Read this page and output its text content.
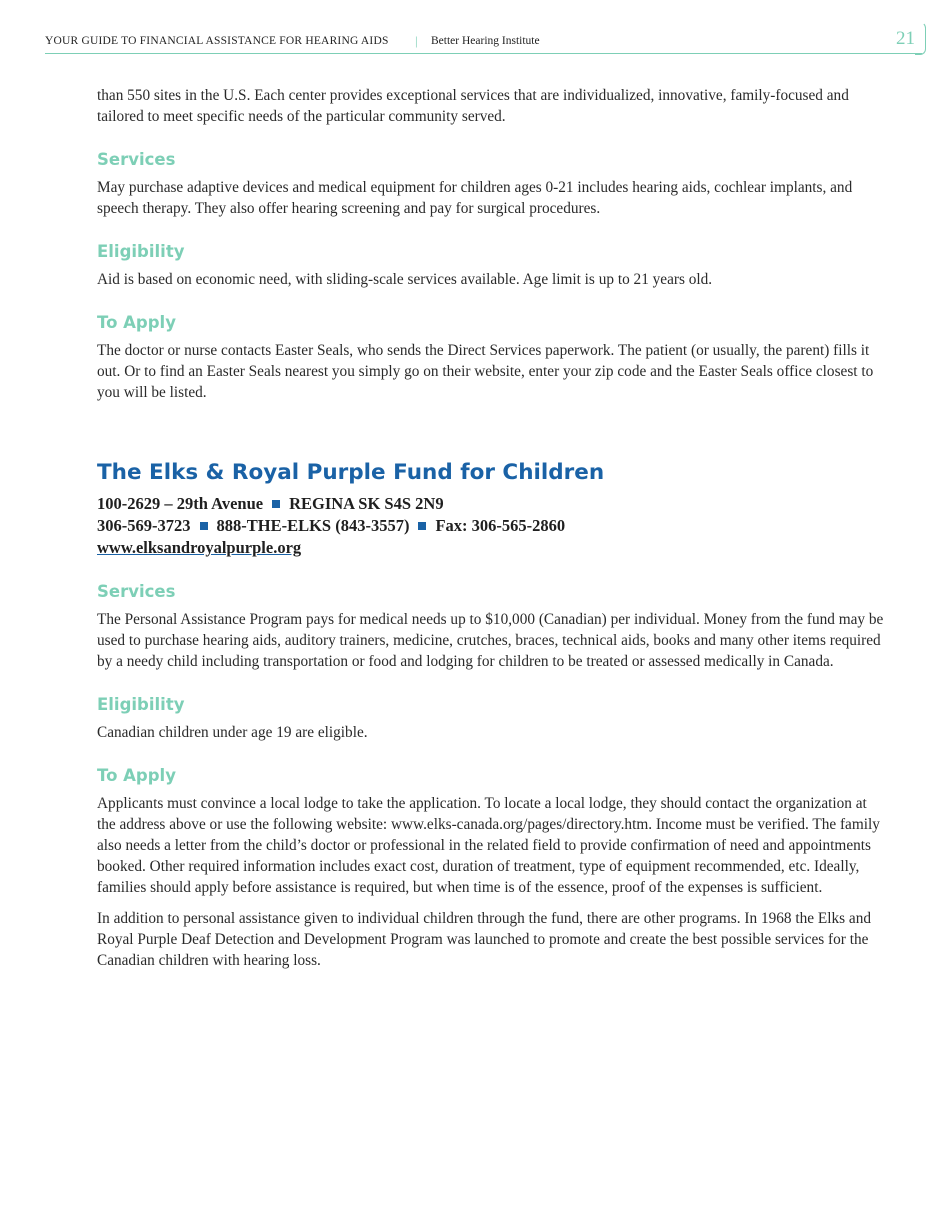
YOUR GUIDE TO FINANCIAL ASSISTANCE FOR HEARING AIDS | Better Hearing Institute	21

than 550 sites in the U.S. Each center provides exceptional services that are individualized, innovative, family-focused and tailored to meet specific needs of the particular community served.

Services

May purchase adaptive devices and medical equipment for children ages 0-21 includes hearing aids, cochlear implants, and speech therapy. They also offer hearing screening and pay for surgical procedures.

Eligibility

Aid is based on economic need, with sliding-scale services available. Age limit is up to 21 years old.

To Apply

The doctor or nurse contacts Easter Seals, who sends the Direct Services paperwork. The patient (or usually, the parent) fills it out. Or to find an Easter Seals nearest you simply go on their website, enter your zip code and the Easter Seals office closest to you will be listed.

The Elks & Royal Purple Fund for Children
100-2629 – 29th Avenue REGINA SK S4S 2N9
306-569-3723 888-THE-ELKS (843-3557) Fax: 306-565-2860
www.elksandroyalpurple.org
Services

The Personal Assistance Program pays for medical needs up to $10,000 (Canadian) per individual. Money from the fund may be used to purchase hearing aids, auditory trainers, medicine, crutches, braces, technical aids, books and many other items required by a needy child including transportation or food and lodging for children to be treated or assessed medically in Canada.

Eligibility

Canadian children under age 19 are eligible.

To Apply

Applicants must convince a local lodge to take the application. To locate a local lodge, they should contact the organization at the address above or use the following website: www.elks-canada.org/pages/directory.htm. Income must be verified. The family also needs a letter from the child’s doctor or professional in the related field to provide confirmation of need and appointments booked. Other required information includes exact cost, duration of treatment, type of equipment recommended, etc. Ideally, families should apply before assistance is required, but when time is of the essence, proof of the expenses is sufficient.

In addition to personal assistance given to individual children through the fund, there are other programs. In 1968 the Elks and Royal Purple Deaf Detection and Development Program was launched to promote and create the best possible services for the Canadian children with hearing loss.
